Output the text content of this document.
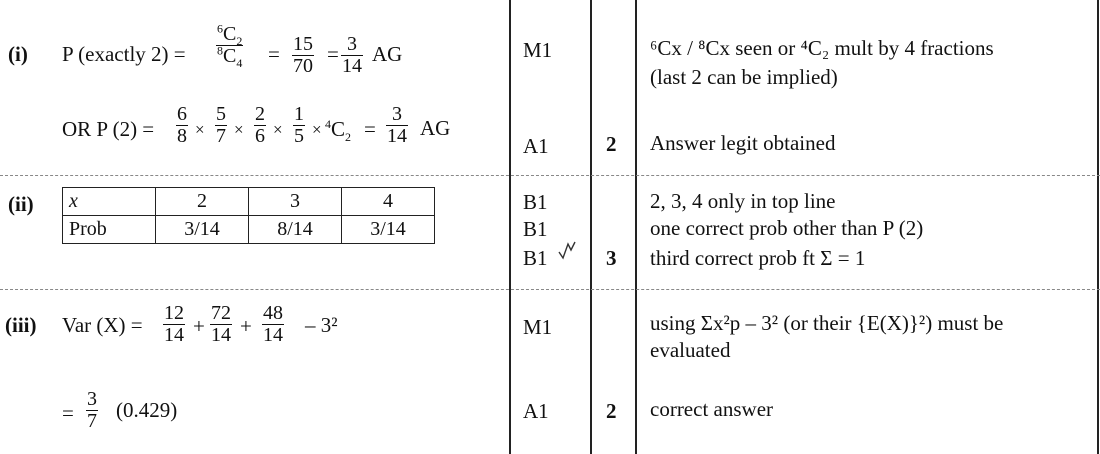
(i) P (exactly 2) =	$\frac{^6C_2}{^8C_4} = \frac{15}{70} = \frac{3}{14}$ AG
OR P $(2) = \frac{6}{8} \times \frac{5}{7} \times \frac{2}{6} \times \frac{1}{5} \times ^4C_2 = \frac{3}{14}$ AG
M1	⁶Cx / ⁸Cx seen or ⁴C₂ mult by 4 fractions
(last 2 can be implied)
A1	2 Answer legit obtained
(ii) x	2	3	4
Prob	3/14	8/14	3/14
B1	2, 3, 4 only in top line
B1	one correct prob other than P (2)
B1	3 third correct prob ft Σ = 1
(iii) Var $(X) = \frac{12}{14} + \frac{72}{14} + \frac{48}{14} - 3^2$
= $\frac{3}{7} (0.429)$
M1	using Σx²p – 3² (or their {E(X)}²) must be
evaluated
A1	2 correct answer
